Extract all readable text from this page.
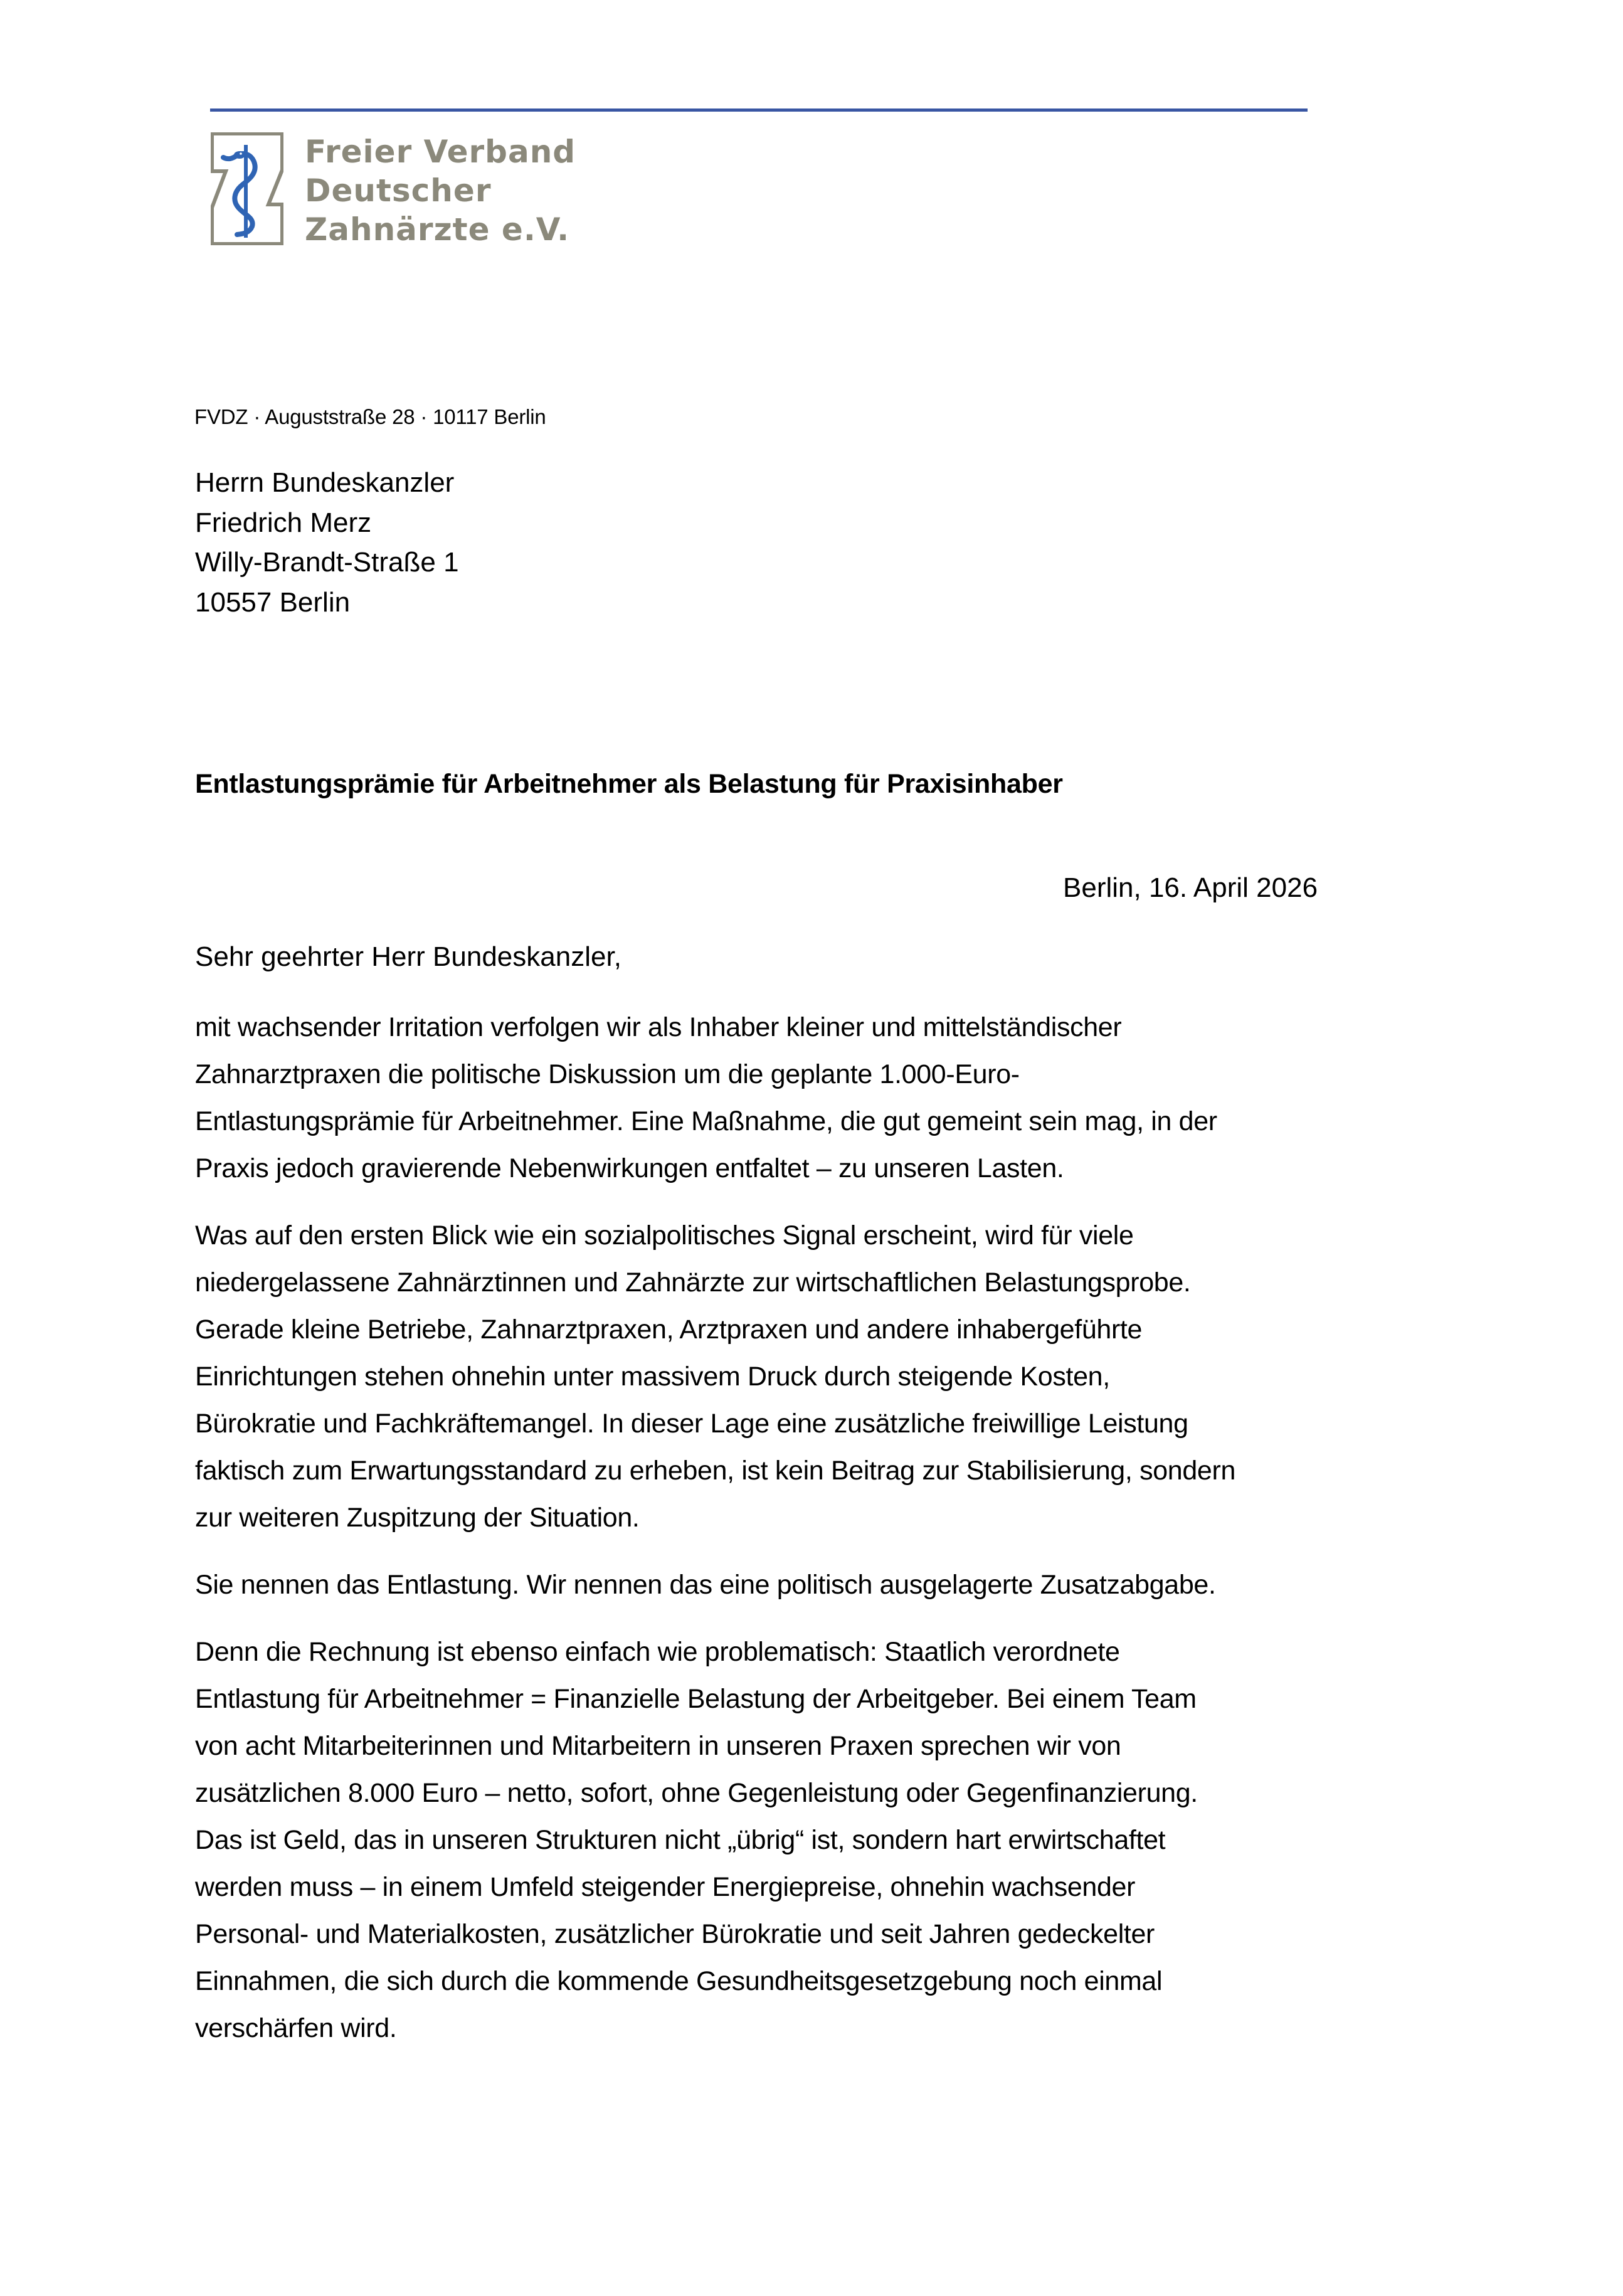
Freier Verband
Deutscher
Zahnärzte e.V.
FVDZ · Auguststraße 28 · 10117 Berlin
Herrn Bundeskanzler
Friedrich Merz
Willy-Brandt-Straße 1
10557 Berlin
Entlastungsprämie für Arbeitnehmer als Belastung für Praxisinhaber
Berlin, 16. April 2026
Sehr geehrter Herr Bundeskanzler,
mit wachsender Irritation verfolgen wir als Inhaber kleiner und mittelständischer
Zahnarztpraxen die politische Diskussion um die geplante 1.000-Euro-
Entlastungsprämie für Arbeitnehmer. Eine Maßnahme, die gut gemeint sein mag, in der
Praxis jedoch gravierende Nebenwirkungen entfaltet – zu unseren Lasten.
Was auf den ersten Blick wie ein sozialpolitisches Signal erscheint, wird für viele
niedergelassene Zahnärztinnen und Zahnärzte zur wirtschaftlichen Belastungsprobe.
Gerade kleine Betriebe, Zahnarztpraxen, Arztpraxen und andere inhabergeführte
Einrichtungen stehen ohnehin unter massivem Druck durch steigende Kosten,
Bürokratie und Fachkräftemangel. In dieser Lage eine zusätzliche freiwillige Leistung
faktisch zum Erwartungsstandard zu erheben, ist kein Beitrag zur Stabilisierung, sondern
zur weiteren Zuspitzung der Situation.
Sie nennen das Entlastung. Wir nennen das eine politisch ausgelagerte Zusatzabgabe.
Denn die Rechnung ist ebenso einfach wie problematisch: Staatlich verordnete
Entlastung für Arbeitnehmer = Finanzielle Belastung der Arbeitgeber. Bei einem Team
von acht Mitarbeiterinnen und Mitarbeitern in unseren Praxen sprechen wir von
zusätzlichen 8.000 Euro – netto, sofort, ohne Gegenleistung oder Gegenfinanzierung.
Das ist Geld, das in unseren Strukturen nicht „übrig“ ist, sondern hart erwirtschaftet
werden muss – in einem Umfeld steigender Energiepreise, ohnehin wachsender
Personal- und Materialkosten, zusätzlicher Bürokratie und seit Jahren gedeckelter
Einnahmen, die sich durch die kommende Gesundheitsgesetzgebung noch einmal
verschärfen wird.
